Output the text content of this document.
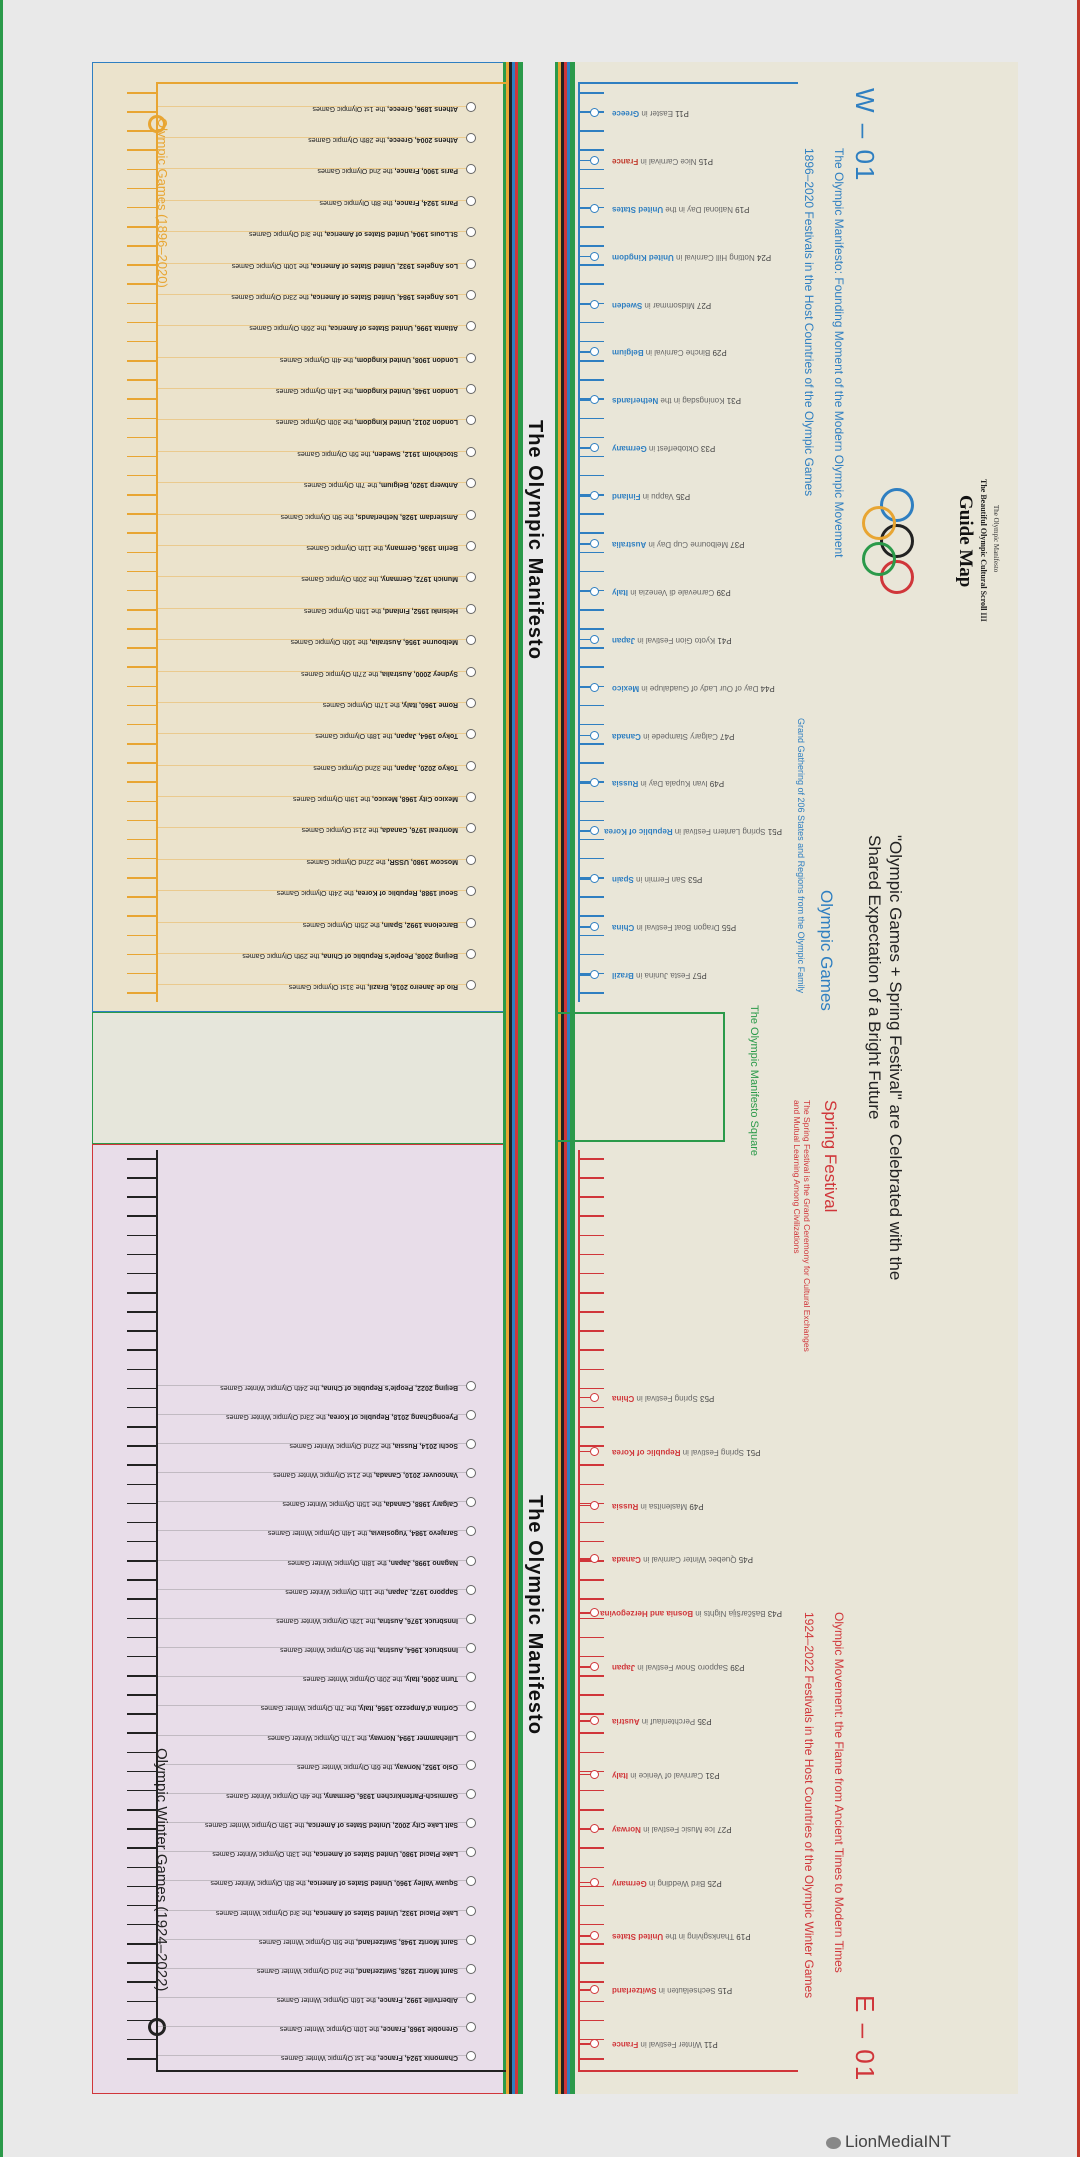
Athens 1896, Greece, the 1st Olympic Games
Athens 2004, Greece, the 28th Olympic Games
Paris 1900, France, the 2nd Olympic Games
Paris 1924, France, the 8th Olympic Games
St.Louis 1904, United States of America, the 3rd Olympic Games
Los Angeles 1932, United States of America, the 10th Olympic Games
Los Angeles 1984, United States of America, the 23rd Olympic Games
Atlanta 1996, United States of America, the 26th Olympic Games
London 1908, United Kingdom, the 4th Olympic Games
London 1948, United Kingdom, the 14th Olympic Games
London 2012, United Kingdom, the 30th Olympic Games
Stockholm 1912, Sweden, the 5th Olympic Games
Antwerp 1920, Belgium, the 7th Olympic Games
Amsterdam 1928, Netherlands, the 9th Olympic Games
Berlin 1936, Germany, the 11th Olympic Games
Munich 1972, Germany, the 20th Olympic Games
Helsinki 1952, Finland, the 15th Olympic Games
Melbourne 1956, Australia, the 16th Olympic Games
Sydney 2000, Australia, the 27th Olympic Games
Rome 1960, Italy, the 17th Olympic Games
Tokyo 1964, Japan, the 18th Olympic Games
Tokyo 2020, Japan, the 32nd Olympic Games
Mexico City 1968, Mexico, the 19th Olympic Games
Montreal 1976, Canada, the 21st Olympic Games
Moscow 1980, USSR, the 22nd Olympic Games
Seoul 1988, Republic of Korea, the 24th Olympic Games
Barcelona 1992, Spain, the 25th Olympic Games
Beijing 2008, People's Republic of China, the 29th Olympic Games
Rio de Janeiro 2016, Brazil, the 31st Olympic Games
Beijing 2022, People's Republic of China, the 24th Olympic Winter Games
PyeongChang 2018, Republic of Korea, the 23rd Olympic Winter Games
Sochi 2014, Russia, the 22nd Olympic Winter Games
Vancouver 2010, Canada, the 21st Olympic Winter Games
Calgary 1988, Canada, the 15th Olympic Winter Games
Sarajevo 1984, Yugoslavia, the 14th Olympic Winter Games
Nagano 1998, Japan, the 18th Olympic Winter Games
Sapporo 1972, Japan, the 11th Olympic Winter Games
Innsbruck 1976, Austria, the 12th Olympic Winter Games
Innsbruck 1964, Austria, the 9th Olympic Winter Games
Turin 2006, Italy, the 20th Olympic Winter Games
Cortina d'Ampezzo 1956, Italy, the 7th Olympic Winter Games
Lillehammer 1994, Norway, the 17th Olympic Winter Games
Oslo 1952, Norway, the 6th Olympic Winter Games
Garmisch-Partenkirchen 1936, Germany, the 4th Olympic Winter Games
Salt Lake City 2002, United States of America, the 19th Olympic Winter Games
Lake Placid 1980, United States of America, the 13th Olympic Winter Games
Squaw Valley 1960, United States of America, the 8th Olympic Winter Games
Lake Placid 1932, United States of America, the 3rd Olympic Winter Games
Saint Moritz 1948, Switzerland, the 5th Olympic Winter Games
Saint Moritz 1928, Switzerland, the 2nd Olympic Winter Games
Albertville 1992, France, the 16th Olympic Winter Games
Grenoble 1968, France, the 10th Olympic Winter Games
Chamonix 1924, France, the 1st Olympic Winter Games
P11 Easter in Greece
P15 Nice Carnival in France
P19 National Day in the United States
P24 Notting Hill Carnival in United Kingdom
P27 Midsommar in Sweden
P29 Binche Carnival in Belgium
P31 Koningsdag in the Netherlands
P33 Oktoberfest in Germany
P35 Vappu in Finland
P37 Melbourne Cup Day in Australia
P39 Carnevale di Venezia in Italy
P41 Kyoto Gion Festival in Japan
P44 Day of Our Lady of Guadalupe in Mexico
P47 Calgary Stampede in Canada
P49 Ivan Kupala Day in Russia
P51 Spring Lantern Festival in Republic of Korea
P53 San Fermin in Spain
P55 Dragon Boat Festival in China
P57 Festa Junina in Brazil
P53 Spring Festival in China
P51 Spring Festival in Republic of Korea
P49 Maslenitsa in Russia
P45 Quebec Winter Carnival in Canada
P43 Baščaršija Nights in Bosnia and Herzegovina
P39 Sapporo Snow Festival in Japan
P35 Perchtenlauf in Austria
P31 Carnival of Venice in Italy
P27 Ice Music Festival in Norway
P25 Bird Wedding in Germany
P19 Thanksgiving in the United States
P15 Sechseläuten in Switzerland
P11 Winter Festival in France
The Olympic Manifesto
The Olympic Manifesto
Olympic Games (1896–2020)
Olympic Winter Games (1924–2022)
The Olympic Manifesto Square
W – 01
E – 01
The Olympic Manifesto: Founding Moment of the Modern Olympic Movement
1896–2020 Festivals in the Host Countries of the Olympic Games
Olympic Games
Grand Gathering of 206 States and Regions from the Olympic Family
Spring Festival
The Spring Festival is the Grand Ceremony for Cultural Exchanges and Mutual Learning Among Civilizations
Olympic Movement: the Flame from Ancient Times to Modern Times
1924–2022 Festivals in the Host Countries of the Olympic Winter Games
"Olympic Games + Spring Festival" are Celebrated with the Shared Expectation of a Bright Future
The Olympic Manifesto
The Beautiful Olympic Cultural Scroll III
Guide Map
LionMediaINT
